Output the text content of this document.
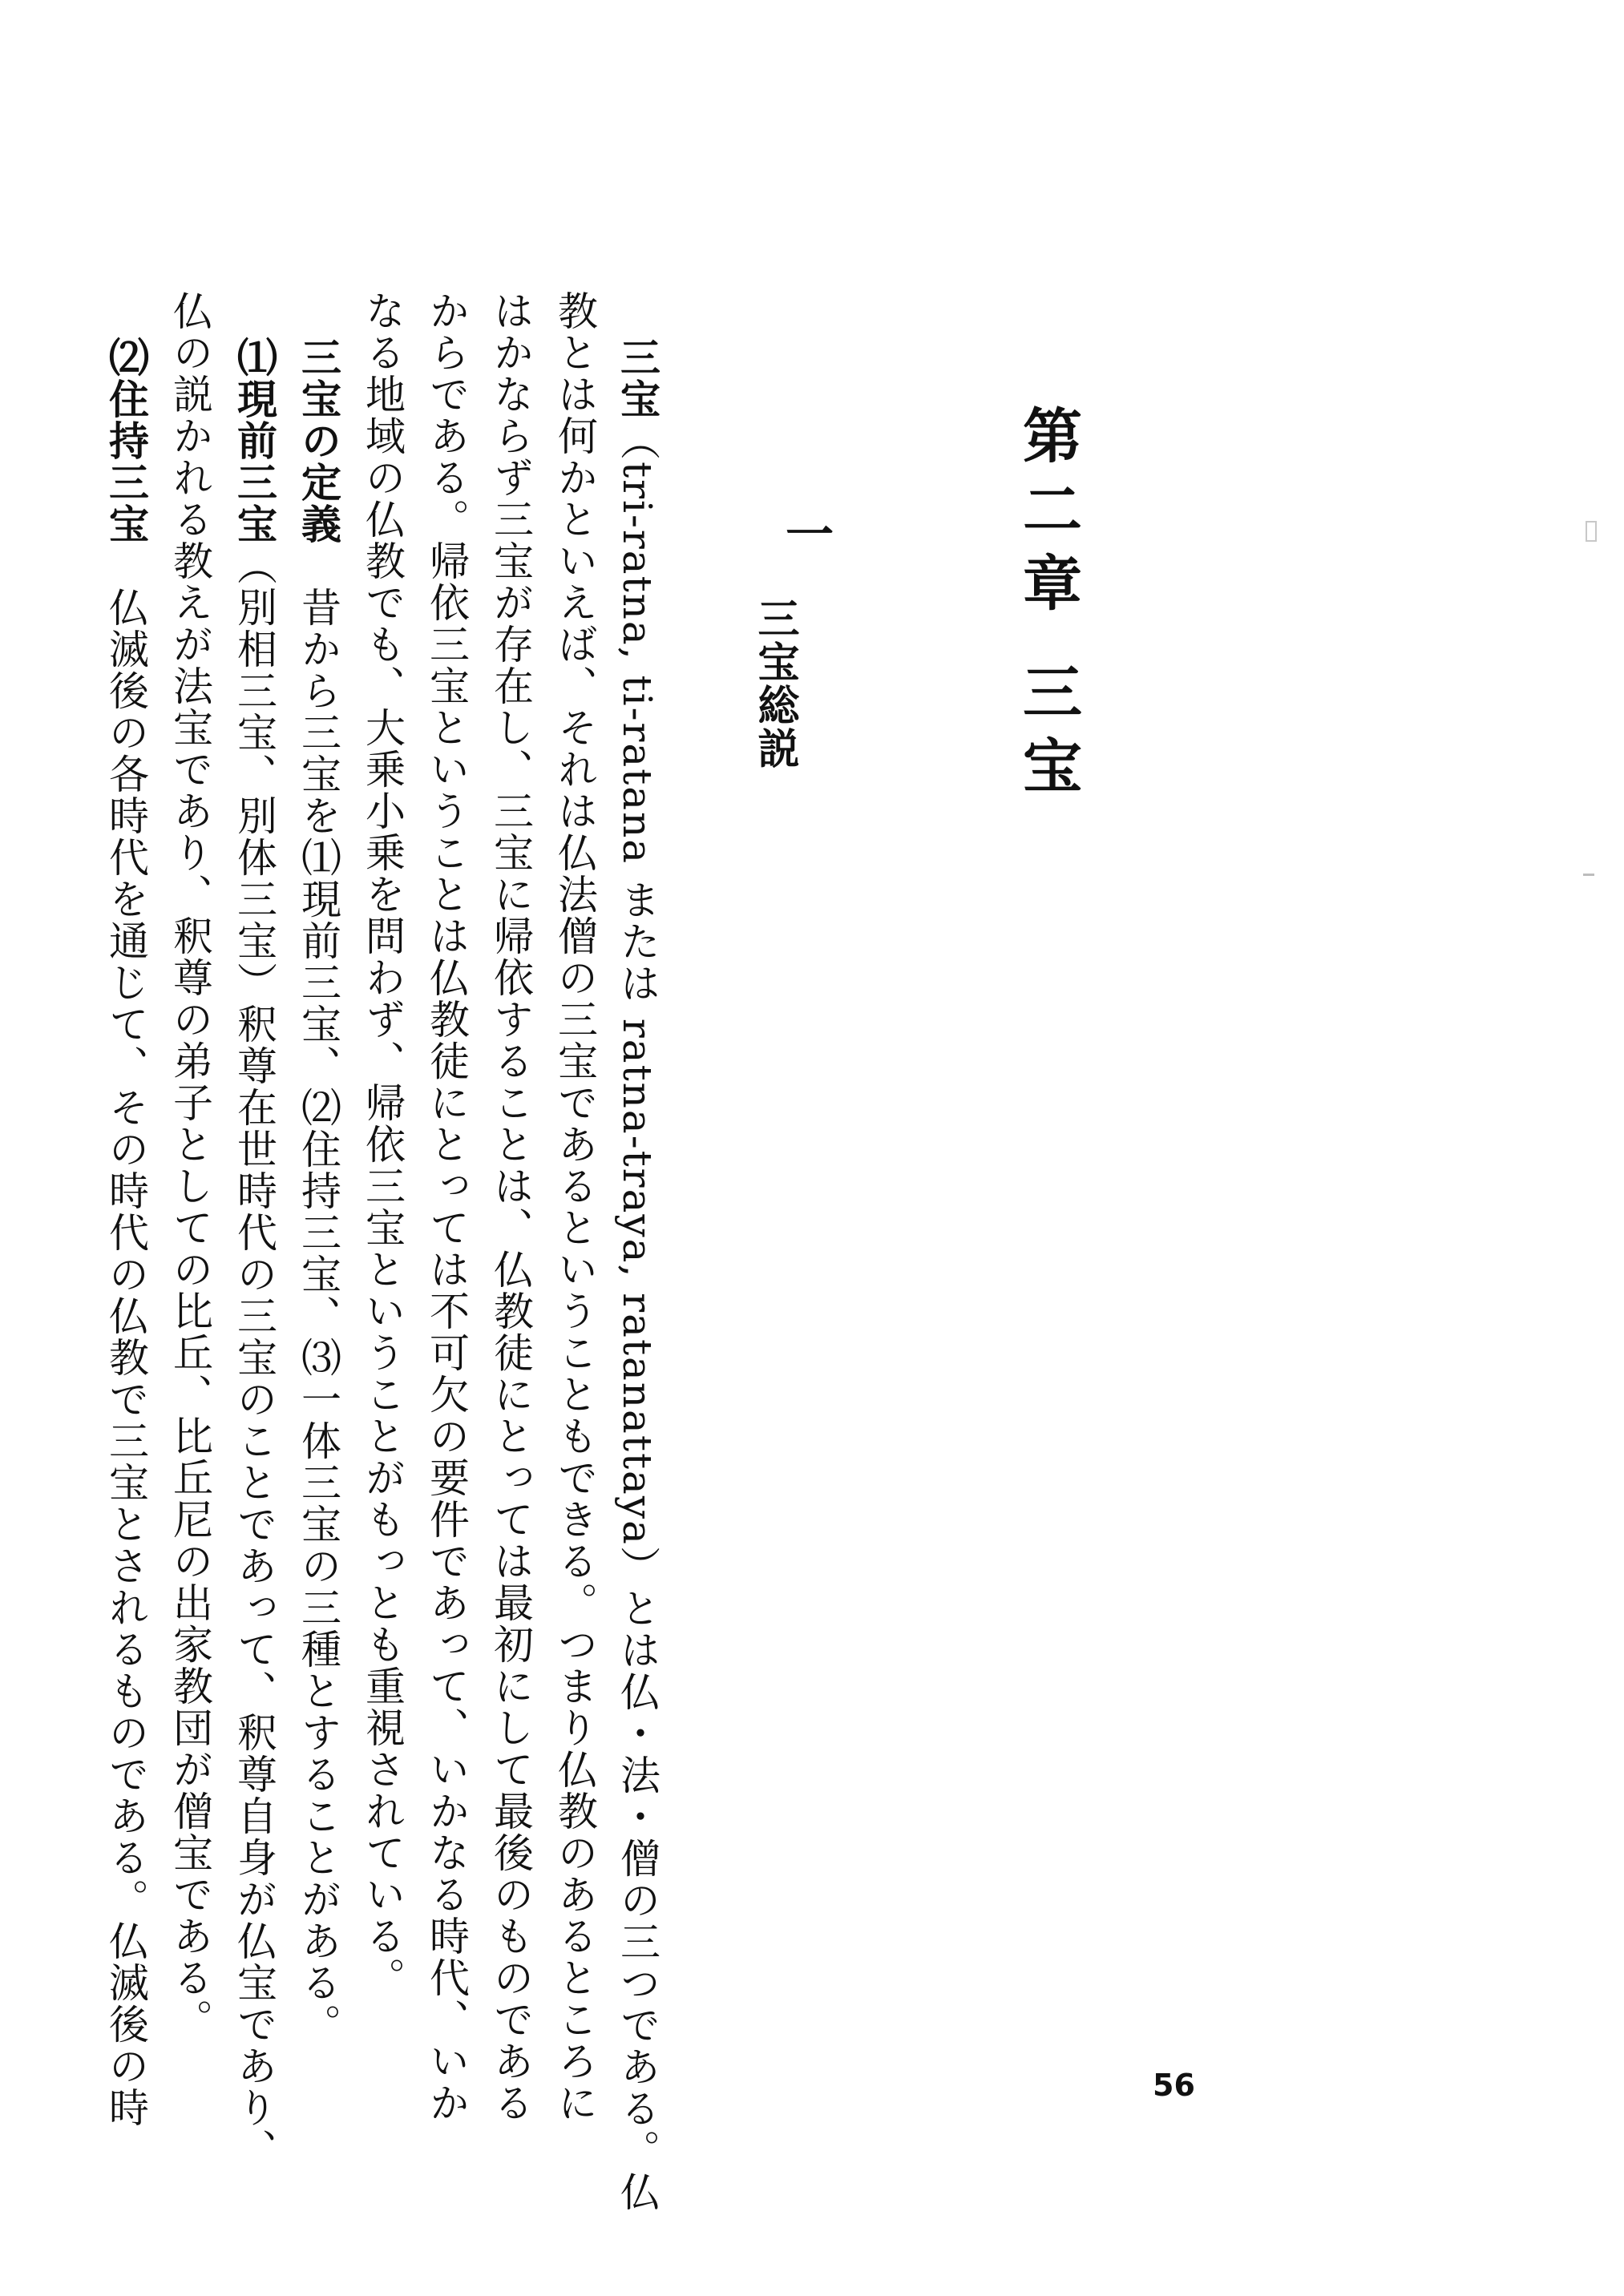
第二章 三宝
一
三宝総説
三宝（tri-ratna, ti-ratana または ratna-traya, ratanattaya）とは仏・法・僧の三つである。仏
教とは何かといえば、それは仏法僧の三宝であるということもできる。つまり仏教のあるところに
はかならず三宝が存在し、三宝に帰依することは、仏教徒にとっては最初にして最後のものである
からである。帰依三宝ということは仏教徒にとっては不可欠の要件であって、いかなる時代、いか
なる地域の仏教でも、大乗小乗を問わず、帰依三宝ということがもっとも重視されている。
三宝の定義　昔から三宝を⑴現前三宝、⑵住持三宝、⑶一体三宝の三種とすることがある。
⑴現前三宝（別相三宝、別体三宝）釈尊在世時代の三宝のことであって、釈尊自身が仏宝であり、
仏の説かれる教えが法宝であり、釈尊の弟子としての比丘、比丘尼の出家教団が僧宝である。
⑵住持三宝　仏滅後の各時代を通じて、その時代の仏教で三宝とされるものである。仏滅後の時	56
